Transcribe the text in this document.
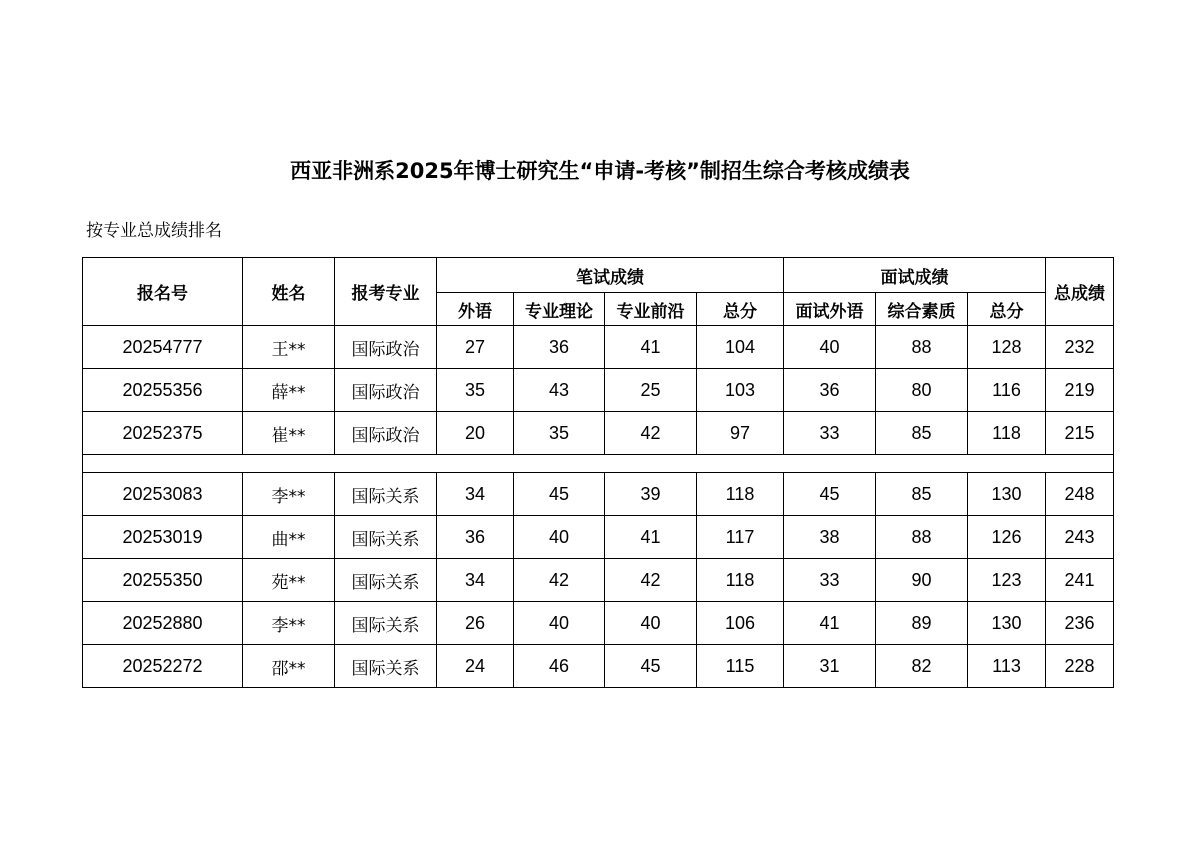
西亚非洲系2025年博士研究生“申请-考核”制招生综合考核成绩表
按专业总成绩排名
报名号	姓名	报考专业	笔试成绩				面试成绩			总成绩
			外语	专业理论	专业前沿	总分	面试外语	综合素质	总分	
20254777	王**	国际政治	27	36	41	104	40	88	128	232
20255356	薛**	国际政治	35	43	25	103	36	80	116	219
20252375	崔**	国际政治	20	35	42	97	33	85	118	215

20253083	李**	国际关系	34	45	39	118	45	85	130	248
20253019	曲**	国际关系	36	40	41	117	38	88	126	243
20255350	苑**	国际关系	34	42	42	118	33	90	123	241
20252880	李**	国际关系	26	40	40	106	41	89	130	236
20252272	邵**	国际关系	24	46	45	115	31	82	113	228
